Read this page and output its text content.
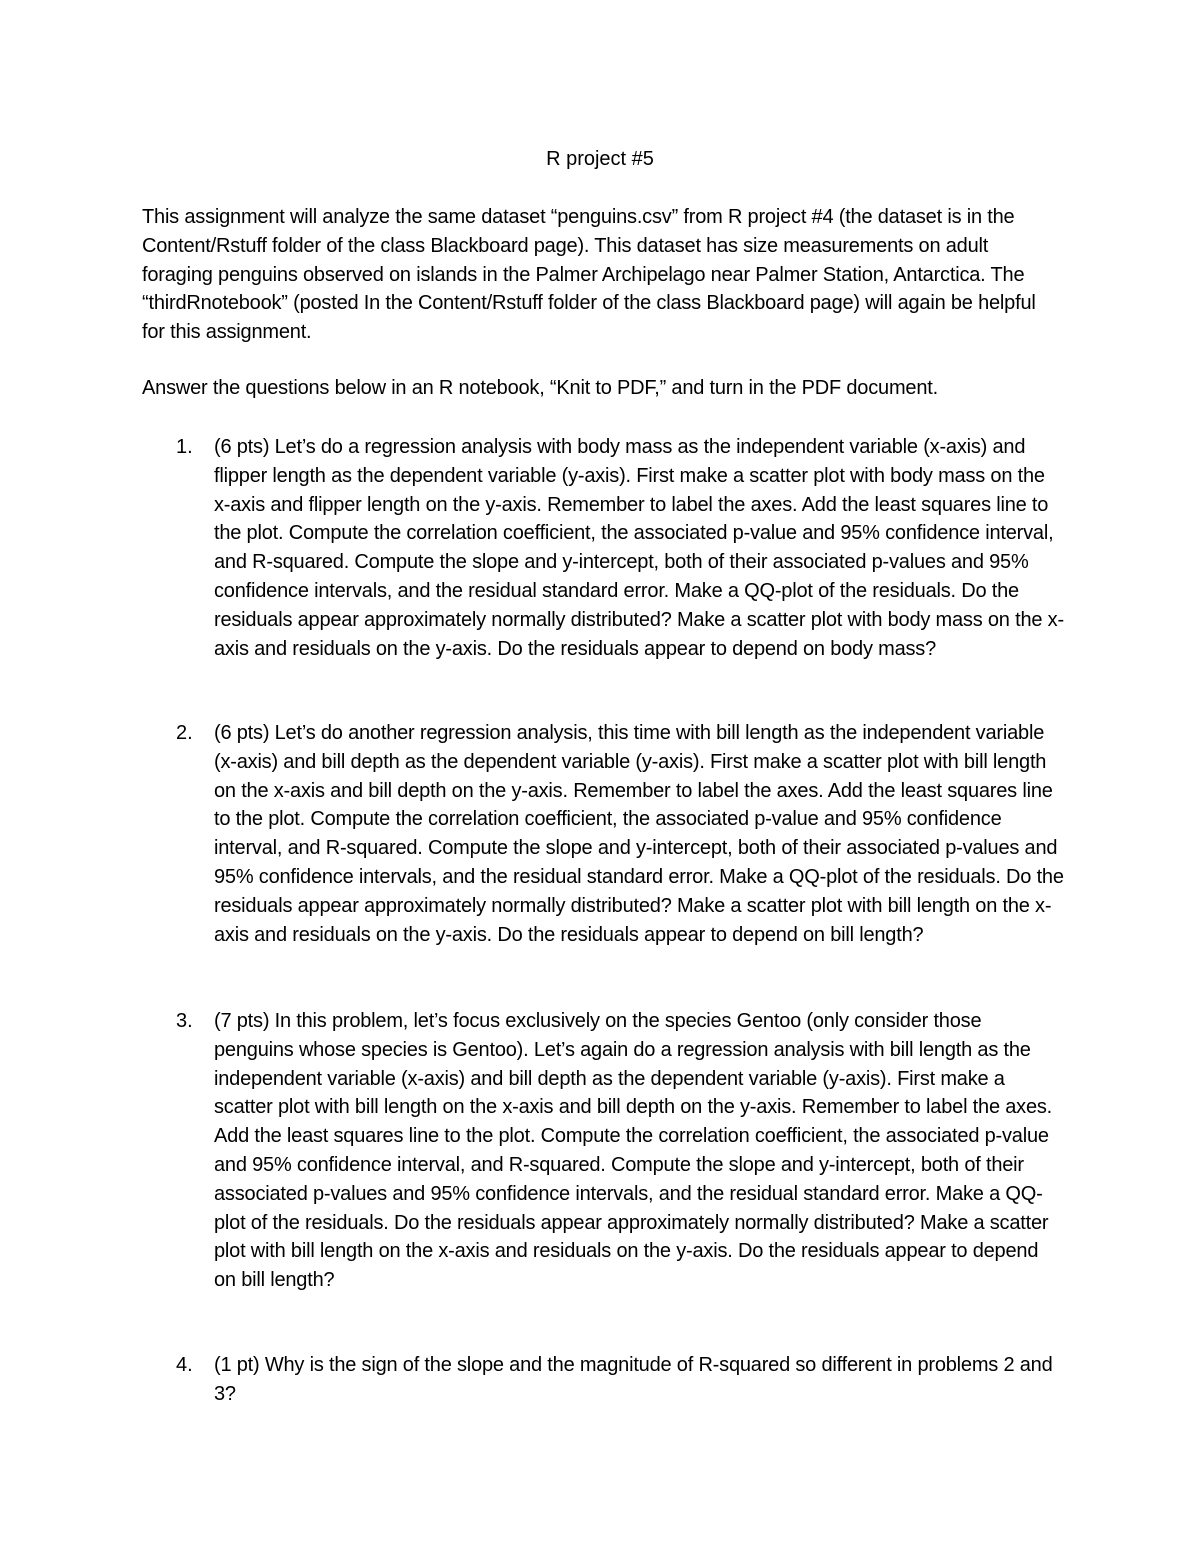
R project #5
This assignment will analyze the same dataset “penguins.csv” from R project #4 (the dataset is in the Content/Rstuff folder of the class Blackboard page). This dataset has size measurements on adult foraging penguins observed on islands in the Palmer Archipelago near Palmer Station, Antarctica. The “thirdRnotebook” (posted In the Content/Rstuff folder of the class Blackboard page) will again be helpful for this assignment.
Answer the questions below in an R notebook, “Knit to PDF,” and turn in the PDF document.
1.	(6 pts) Let’s do a regression analysis with body mass as the independent variable (x-axis) and flipper length as the dependent variable (y-axis). First make a scatter plot with body mass on the x-axis and flipper length on the y-axis. Remember to label the axes. Add the least squares line to the plot. Compute the correlation coefficient, the associated p-value and 95% confidence interval, and R-squared. Compute the slope and y-intercept, both of their associated p-values and 95% confidence intervals, and the residual standard error. Make a QQ-plot of the residuals. Do the residuals appear approximately normally distributed? Make a scatter plot with body mass on the x-axis and residuals on the y-axis. Do the residuals appear to depend on body mass?
2.	(6 pts) Let’s do another regression analysis, this time with bill length as the independent variable (x-axis) and bill depth as the dependent variable (y-axis). First make a scatter plot with bill length on the x-axis and bill depth on the y-axis. Remember to label the axes. Add the least squares line to the plot. Compute the correlation coefficient, the associated p-value and 95% confidence interval, and R-squared. Compute the slope and y-intercept, both of their associated p-values and 95% confidence intervals, and the residual standard error. Make a QQ-plot of the residuals. Do the residuals appear approximately normally distributed? Make a scatter plot with bill length on the x-axis and residuals on the y-axis. Do the residuals appear to depend on bill length?
3.	(7 pts) In this problem, let’s focus exclusively on the species Gentoo (only consider those penguins whose species is Gentoo). Let’s again do a regression analysis with bill length as the independent variable (x-axis) and bill depth as the dependent variable (y-axis). First make a scatter plot with bill length on the x-axis and bill depth on the y-axis. Remember to label the axes. Add the least squares line to the plot. Compute the correlation coefficient, the associated p-value and 95% confidence interval, and R-squared. Compute the slope and y-intercept, both of their associated p-values and 95% confidence intervals, and the residual standard error. Make a QQ-plot of the residuals. Do the residuals appear approximately normally distributed? Make a scatter plot with bill length on the x-axis and residuals on the y-axis. Do the residuals appear to depend on bill length?
4.	(1 pt) Why is the sign of the slope and the magnitude of R-squared so different in problems 2 and 3?
